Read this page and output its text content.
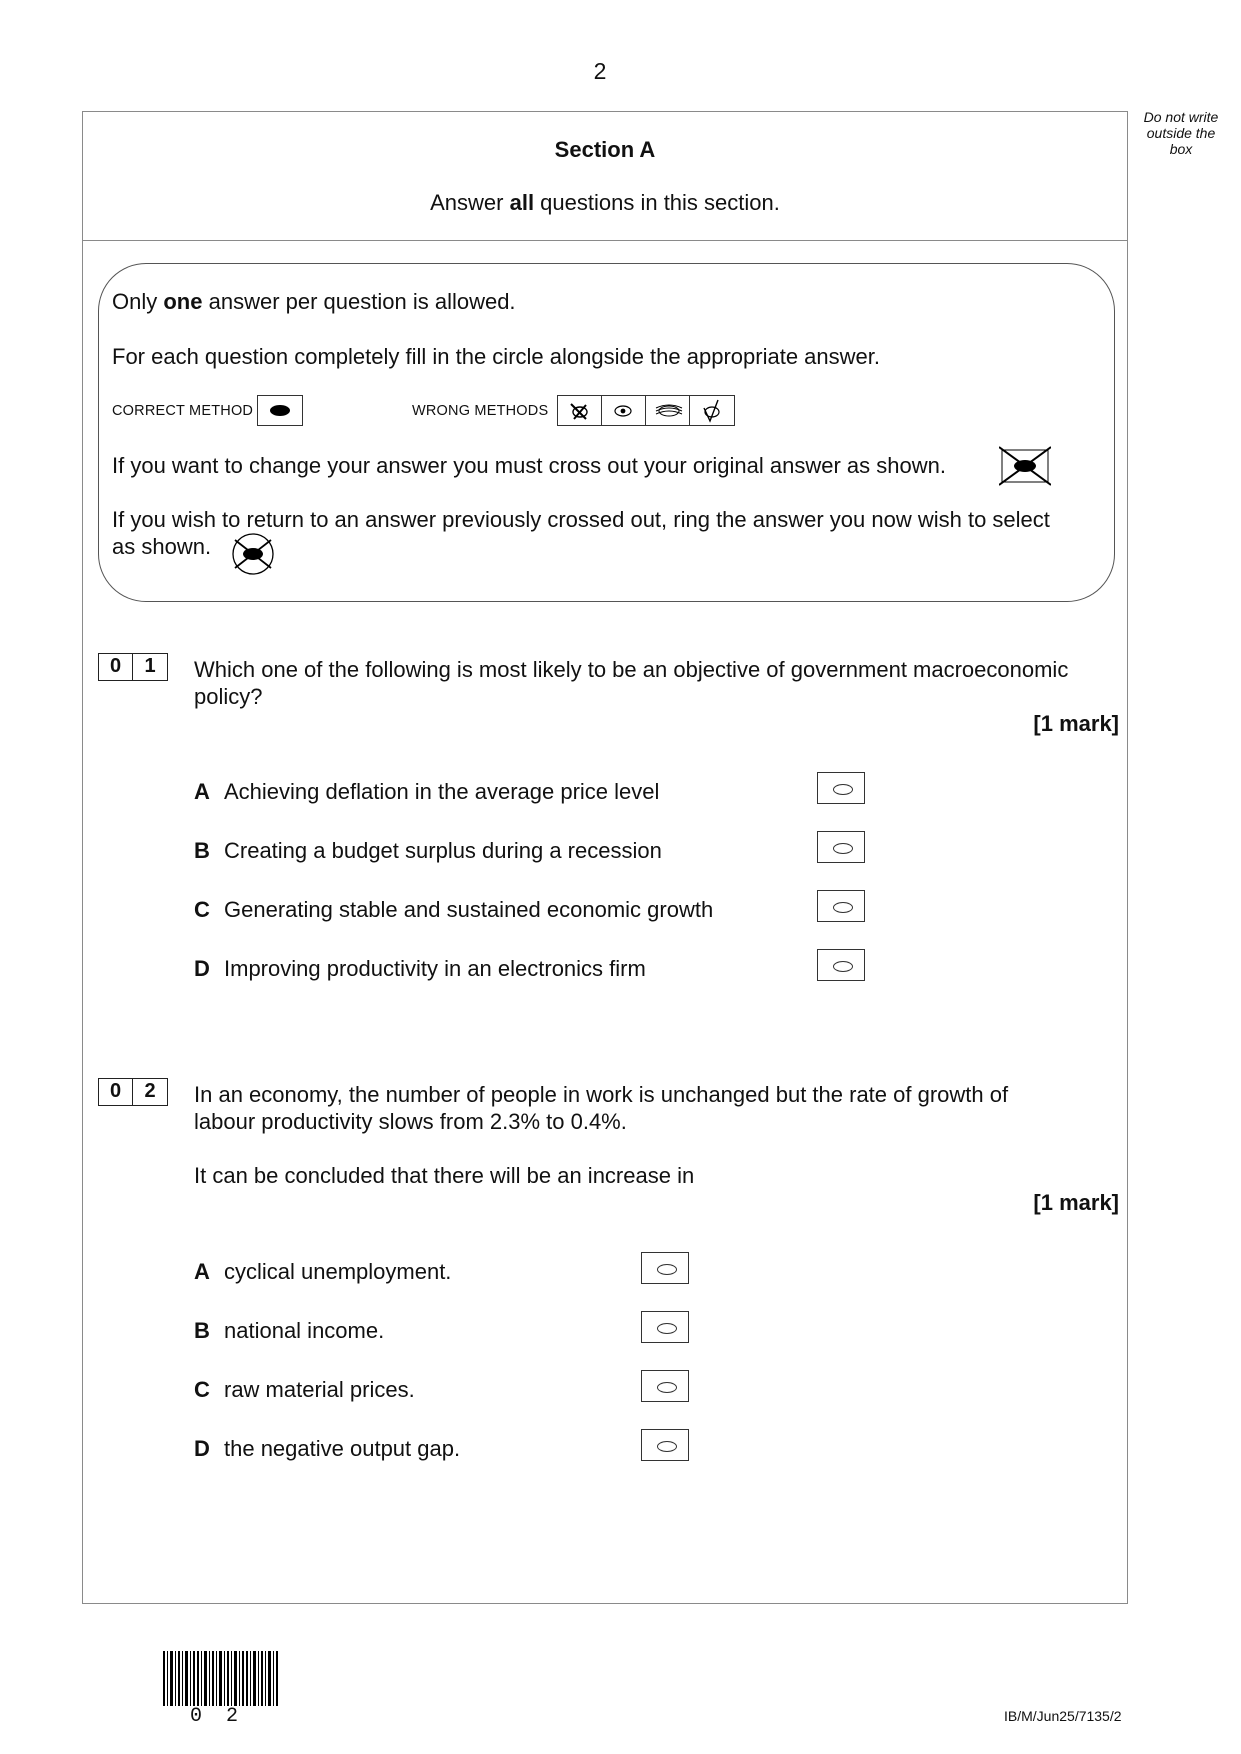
2
Do not write
outside the
box
Section A
Answer all questions in this section.
Only one answer per question is allowed.
For each question completely fill in the circle alongside the appropriate answer.
CORRECT METHOD	WRONG METHODS
If you want to change your answer you must cross out your original answer as shown.
If you wish to return to an answer previously crossed out, ring the answer you now wish to select
as shown.
0	1	Which one of the following is most likely to be an objective of government macroeconomic
policy?
[1 mark]
A Achieving deflation in the average price level
B Creating a budget surplus during a recession
C Generating stable and sustained economic growth
D Improving productivity in an electronics firm
0	2	In an economy, the number of people in work is unchanged but the rate of growth of
labour productivity slows from 2.3% to 0.4%.
It can be concluded that there will be an increase in
[1 mark]
A cyclical unemployment.
B national income.
C raw material prices.
D the negative output gap.
0 2	IB/M/Jun25/7135/2
